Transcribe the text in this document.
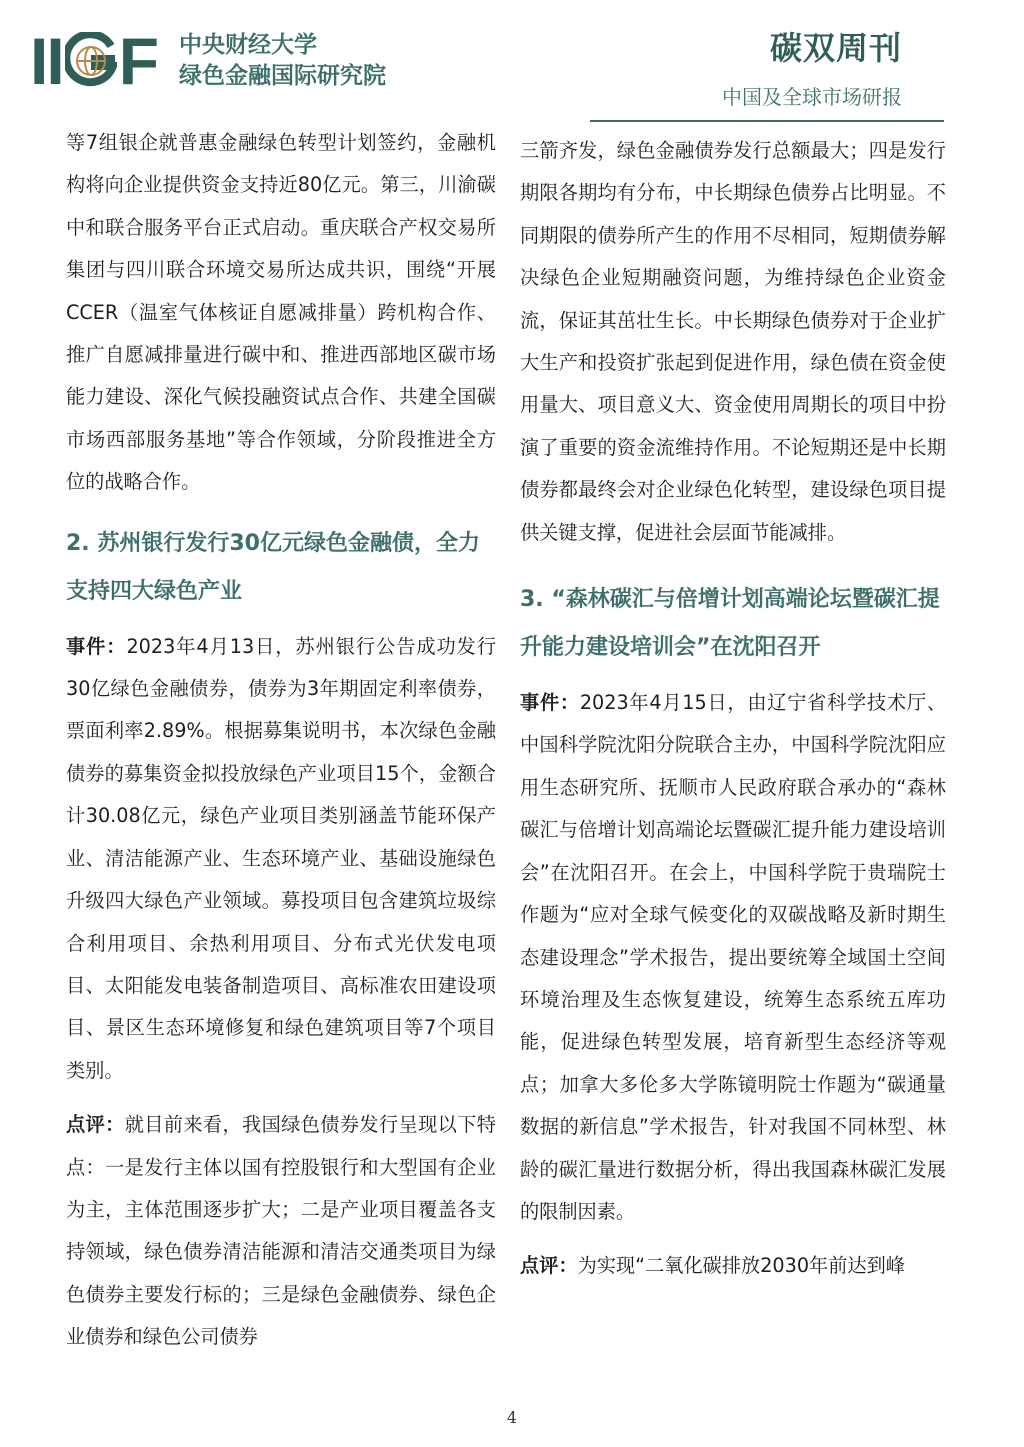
II F 中央财经大学
绿色金融国际研究院
碳双周刊
中国及全球市场研报

等7组银企就普惠金融绿色转型计划签约，金融机构将向企业提供资金支持近80亿元。第三，川渝碳中和联合服务平台正式启动。重庆联合产权交易所集团与四川联合环境交易所达成共识，围绕“开展CCER（温室气体核证自愿减排量）跨机构合作、推广自愿减排量进行碳中和、推进西部地区碳市场能力建设、深化气候投融资试点合作、共建全国碳市场西部服务基地”等合作领域，分阶段推进全方位的战略合作。

2. 苏州银行发行30亿元绿色金融债，全力支持四大绿色产业

事件：2023年4月13日，苏州银行公告成功发行30亿绿色金融债券，债券为3年期固定利率债券，票面利率2.89%。根据募集说明书，本次绿色金融债券的募集资金拟投放绿色产业项目15个，金额合计30.08亿元，绿色产业项目类别涵盖节能环保产业、清洁能源产业、生态环境产业、基础设施绿色升级四大绿色产业领域。募投项目包含建筑垃圾综合利用项目、余热利用项目、分布式光伏发电项目、太阳能发电装备制造项目、高标准农田建设项目、景区生态环境修复和绿色建筑项目等7个项目类别。

点评：就目前来看，我国绿色债券发行呈现以下特点：一是发行主体以国有控股银行和大型国有企业为主，主体范围逐步扩大；二是产业项目覆盖各支持领域，绿色债券清洁能源和清洁交通类项目为绿色债券主要发行标的；三是绿色金融债券、绿色企业债券和绿色公司债券

三箭齐发，绿色金融债券发行总额最大；四是发行期限各期均有分布，中长期绿色债券占比明显。不同期限的债券所产生的作用不尽相同，短期债券解决绿色企业短期融资问题，为维持绿色企业资金流，保证其茁壮生长。中长期绿色债券对于企业扩大生产和投资扩张起到促进作用，绿色债在资金使用量大、项目意义大、资金使用周期长的项目中扮演了重要的资金流维持作用。不论短期还是中长期债券都最终会对企业绿色化转型，建设绿色项目提供关键支撑，促进社会层面节能减排。

3. “森林碳汇与倍增计划高端论坛暨碳汇提升能力建设培训会”在沈阳召开

事件：2023年4月15日，由辽宁省科学技术厅、中国科学院沈阳分院联合主办，中国科学院沈阳应用生态研究所、抚顺市人民政府联合承办的“森林碳汇与倍增计划高端论坛暨碳汇提升能力建设培训会”在沈阳召开。在会上，中国科学院于贵瑞院士作题为“应对全球气候变化的双碳战略及新时期生态建设理念”学术报告，提出要统筹全域国土空间环境治理及生态恢复建设，统筹生态系统五库功能，促进绿色转型发展，培育新型生态经济等观点；加拿大多伦多大学陈镜明院士作题为“碳通量数据的新信息”学术报告，针对我国不同林型、林龄的碳汇量进行数据分析，得出我国森林碳汇发展的限制因素。

点评：为实现“二氧化碳排放2030年前达到峰

4
